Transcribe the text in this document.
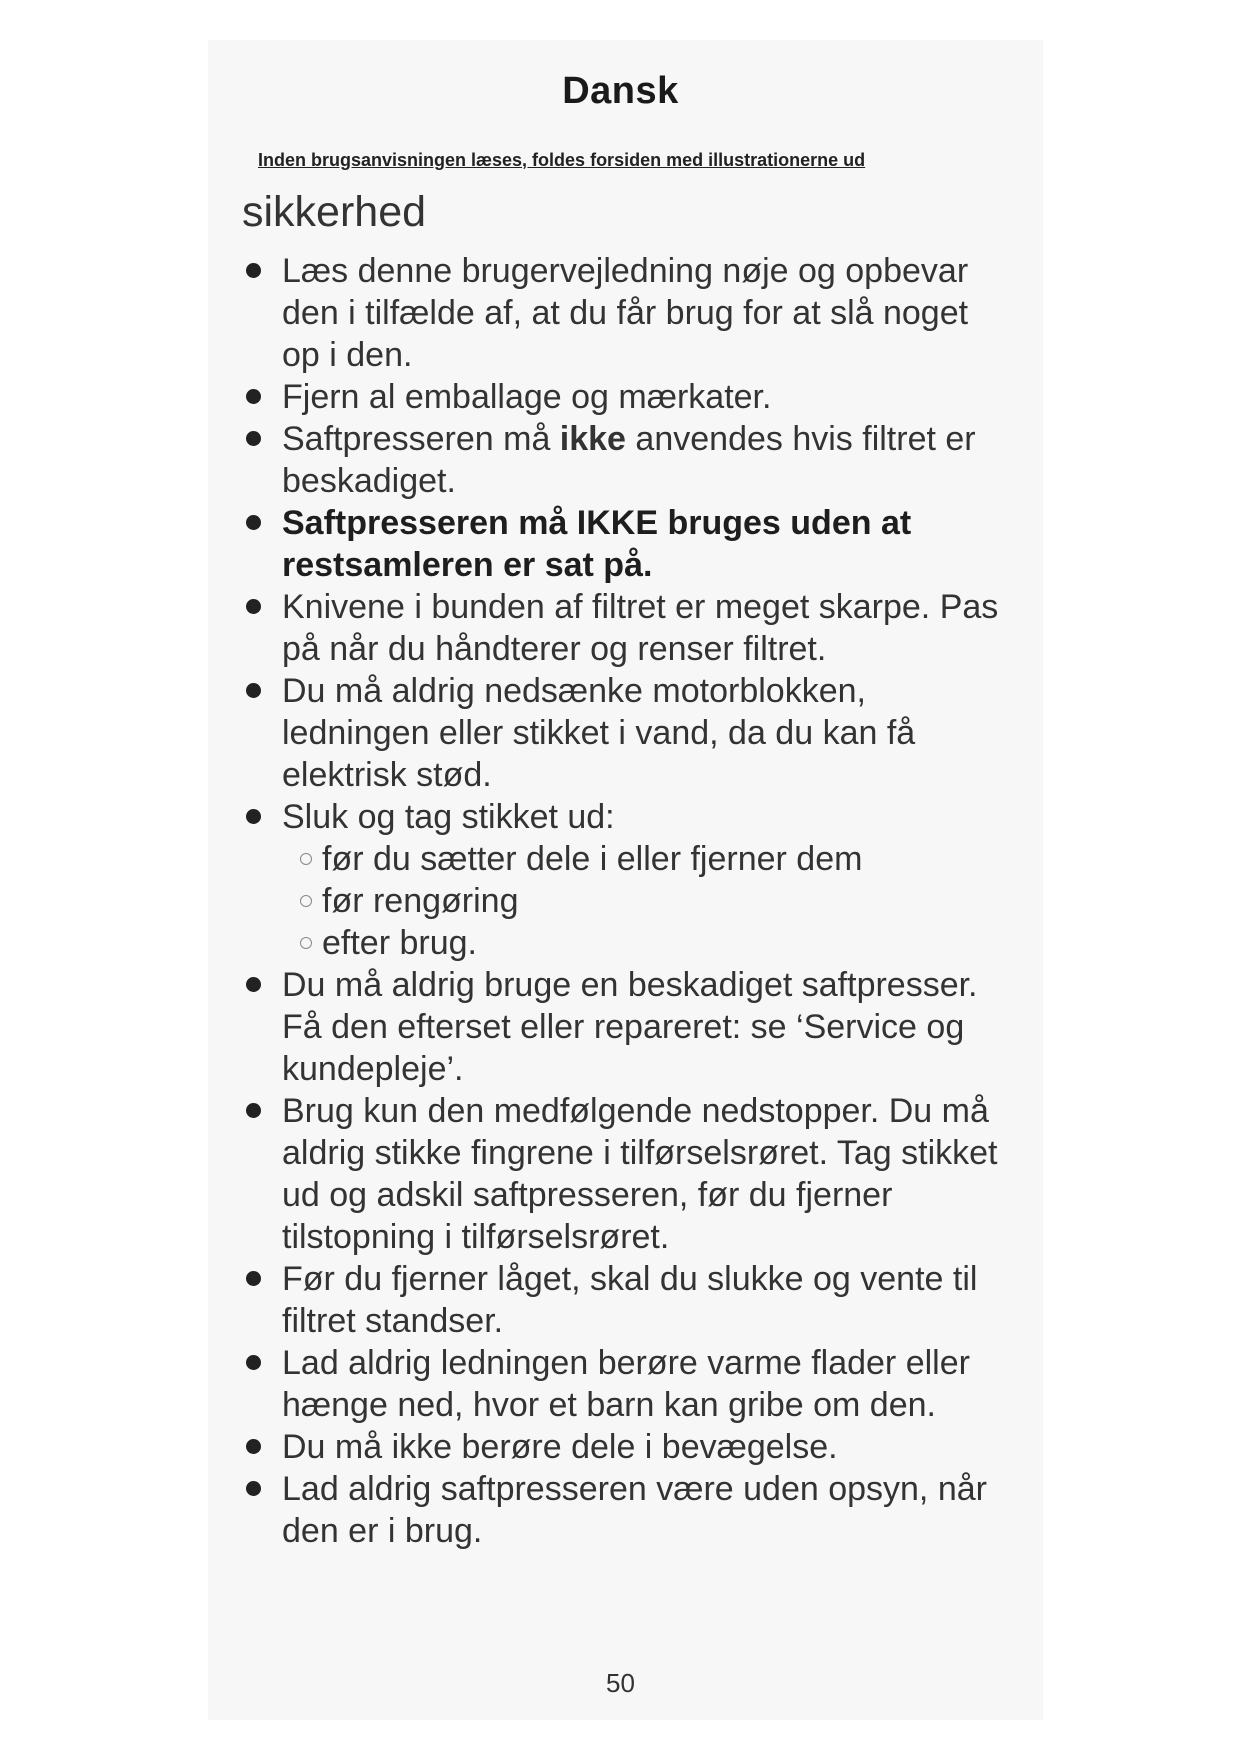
Dansk
Inden brugsanvisningen læses, foldes forsiden med illustrationerne ud
sikkerhed
Læs denne brugervejledning nøje og opbevar den i tilfælde af, at du får brug for at slå noget op i den.
Fjern al emballage og mærkater.
Saftpresseren må ikke anvendes hvis filtret er beskadiget.
Saftpresseren må IKKE bruges uden at restsamleren er sat på.
Knivene i bunden af filtret er meget skarpe. Pas på når du håndterer og renser filtret.
Du må aldrig nedsænke motorblokken, ledningen eller stikket i vand, da du kan få elektrisk stød.
Sluk og tag stikket ud:
før du sætter dele i eller fjerner dem
før rengøring
efter brug.
Du må aldrig bruge en beskadiget saftpresser. Få den efterset eller repareret: se ‘Service og kundepleje’.
Brug kun den medfølgende nedstopper. Du må aldrig stikke fingrene i tilførselsrøret. Tag stikket ud og adskil saftpresseren, før du fjerner tilstopning i tilførselsrøret.
Før du fjerner låget, skal du slukke og vente til filtret standser.
Lad aldrig ledningen berøre varme flader eller hænge ned, hvor et barn kan gribe om den.
Du må ikke berøre dele i bevægelse.
Lad aldrig saftpresseren være uden opsyn, når den er i brug.
50
